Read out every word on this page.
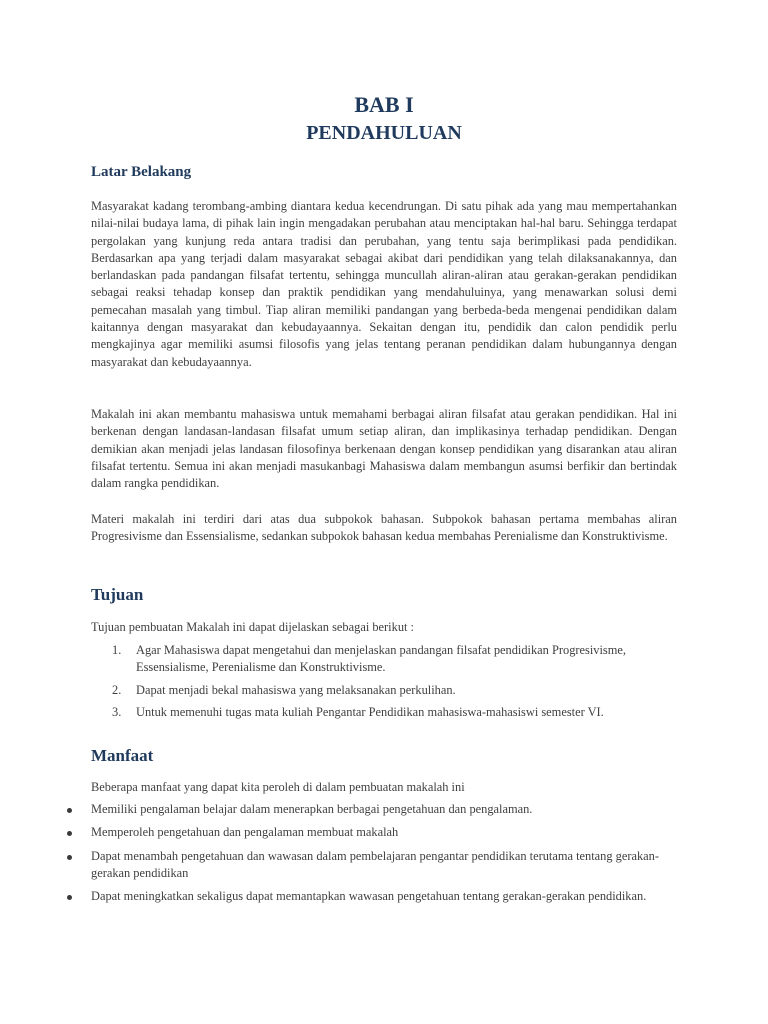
BAB I
PENDAHULUAN
Latar Belakang

Masyarakat kadang terombang-ambing diantara kedua kecendrungan. Di satu pihak ada yang mau mempertahankan nilai-nilai budaya lama, di pihak lain ingin mengadakan perubahan atau menciptakan hal-hal baru. Sehingga terdapat pergolakan yang kunjung reda antara tradisi dan perubahan, yang tentu saja berimplikasi pada pendidikan. Berdasarkan apa yang terjadi dalam masyarakat sebagai akibat dari pendidikan yang telah dilaksanakannya, dan berlandaskan pada pandangan filsafat tertentu, sehingga muncullah aliran-aliran atau gerakan-gerakan pendidikan sebagai reaksi tehadap konsep dan praktik pendidikan yang mendahuluinya, yang menawarkan solusi demi pemecahan masalah yang timbul. Tiap aliran memiliki pandangan yang berbeda-beda mengenai pendidikan dalam kaitannya dengan masyarakat dan kebudayaannya. Sekaitan dengan itu, pendidik dan calon pendidik perlu mengkajinya agar memiliki asumsi filosofis yang jelas tentang peranan pendidikan dalam hubungannya dengan masyarakat dan kebudayaannya.

Makalah ini akan membantu mahasiswa untuk memahami berbagai aliran filsafat atau gerakan pendidikan. Hal ini berkenan dengan landasan-landasan filsafat umum setiap aliran, dan implikasinya terhadap pendidikan. Dengan demikian akan menjadi jelas landasan filosofinya berkenaan dengan konsep pendidikan yang disarankan atau aliran filsafat tertentu. Semua ini akan menjadi masukanbagi Mahasiswa dalam membangun asumsi berfikir dan bertindak dalam rangka pendidikan.

Materi makalah ini terdiri dari atas dua subpokok bahasan. Subpokok bahasan pertama membahas aliran Progresivisme dan Essensialisme, sedankan subpokok bahasan kedua membahas Perenialisme dan Konstruktivisme.

Tujuan

Tujuan pembuatan Makalah ini dapat dijelaskan sebagai berikut :

1. Agar Mahasiswa dapat mengetahui dan menjelaskan pandangan filsafat pendidikan Progresivisme, Essensialisme, Perenialisme dan Konstruktivisme.
2. Dapat menjadi bekal mahasiswa yang melaksanakan perkulihan.
3. Untuk memenuhi tugas mata kuliah Pengantar Pendidikan mahasiswa-mahasiswi semester VI.
Manfaat

Beberapa manfaat yang dapat kita peroleh di dalam pembuatan makalah ini

Memiliki pengalaman belajar dalam menerapkan berbagai pengetahuan dan pengalaman.
Memperoleh pengetahuan dan pengalaman membuat makalah
Dapat menambah pengetahuan dan wawasan dalam pembelajaran pengantar pendidikan terutama tentang gerakan-gerakan pendidikan
Dapat meningkatkan sekaligus dapat memantapkan wawasan pengetahuan tentang gerakan-gerakan pendidikan.
